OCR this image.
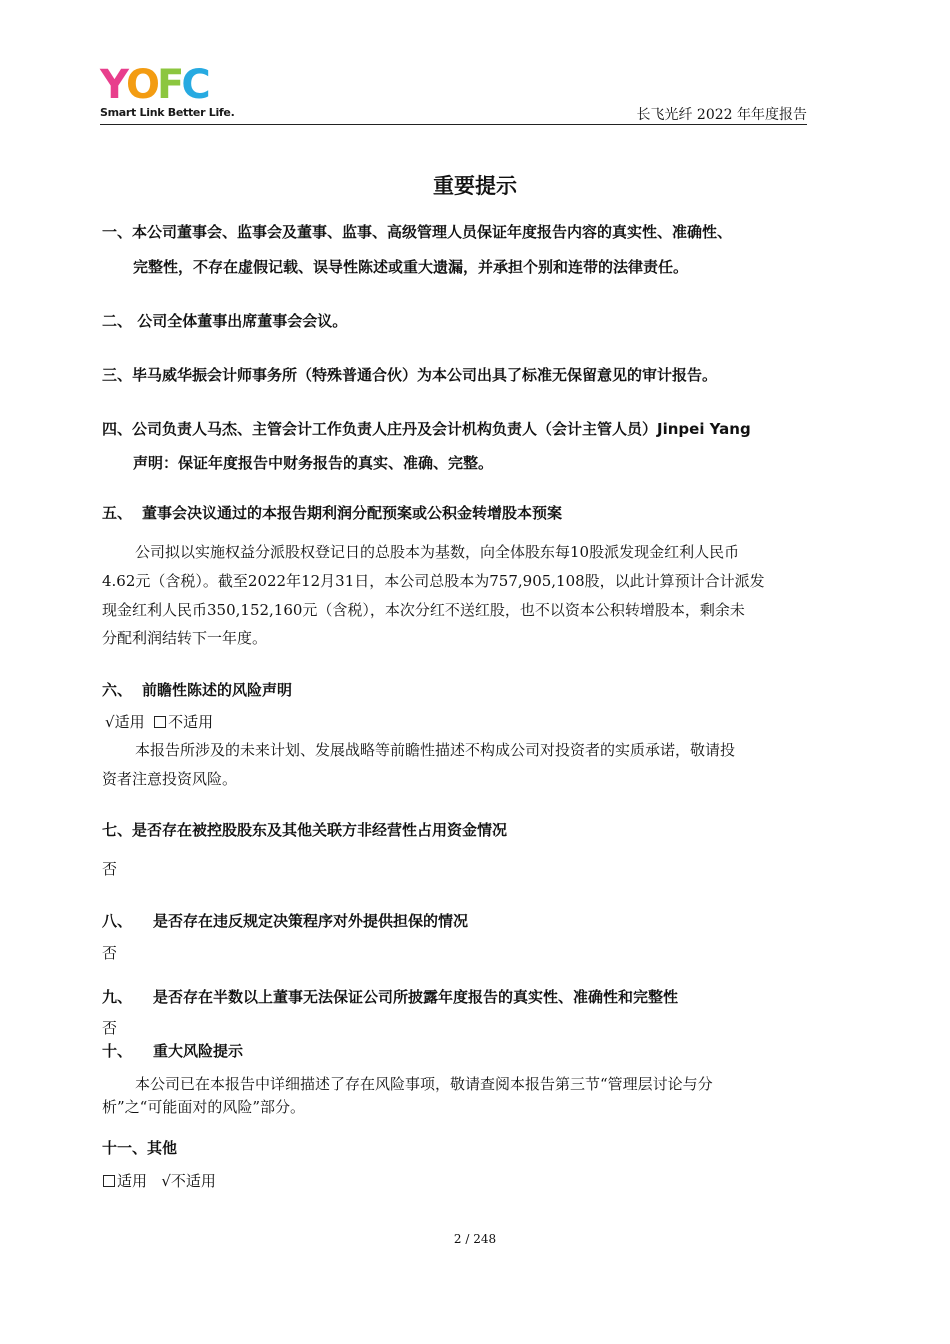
Y O F C
Smart Link Better Life.	长飞光纤 2022 年年度报告
重要提示
一、本公司董事会、监事会及董事、监事、高级管理人员保证年度报告内容的真实性、准确性、
完整性，不存在虚假记载、误导性陈述或重大遗漏，并承担个别和连带的法律责任。
二、 公司全体董事出席董事会会议。
三、毕马威华振会计师事务所（特殊普通合伙）为本公司出具了标准无保留意见的审计报告。
四、公司负责人马杰、主管会计工作负责人庄丹及会计机构负责人（会计主管人员）Jinpei Yang
声明：保证年度报告中财务报告的真实、准确、完整。
五、 董事会决议通过的本报告期利润分配预案或公积金转增股本预案
公司拟以实施权益分派股权登记日的总股本为基数，向全体股东每10股派发现金红利人民币
4.62元（含税）。截至2022年12月31日，本公司总股本为757,905,108股，以此计算预计合计派发
现金红利人民币350,152,160元（含税），本次分红不送红股，也不以资本公积转增股本，剩余未
分配利润结转下一年度。
六、 前瞻性陈述的风险声明
√适用 不适用
本报告所涉及的未来计划、发展战略等前瞻性描述不构成公司对投资者的实质承诺，敬请投
资者注意投资风险。
七、是否存在被控股股东及其他关联方非经营性占用资金情况
否
八、 是否存在违反规定决策程序对外提供担保的情况
否
九、 是否存在半数以上董事无法保证公司所披露年度报告的真实性、准确性和完整性
否
十、 重大风险提示
本公司已在本报告中详细描述了存在风险事项，敬请查阅本报告第三节“管理层讨论与分
析”之“可能面对的风险”部分。
十一、其他
适用 √不适用
2 / 248
